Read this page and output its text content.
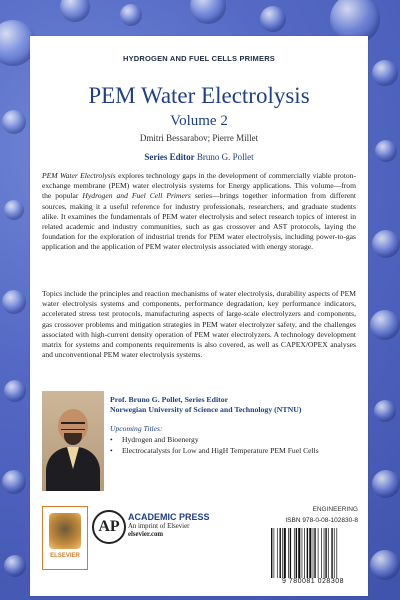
HYDROGEN AND FUEL CELLS PRIMERS
PEM Water Electrolysis
Volume 2
Dmitri Bessarabov; Pierre Millet
Series Editor Bruno G. Pollet

PEM Water Electrolysis explores technology gaps in the development of commercially viable proton-exchange membrane (PEM) water electrolysis systems for Energy applications. This volume—from the popular Hydrogen and Fuel Cell Primers series—brings together information from different sources, making it a useful reference for industry professionals, researchers, and graduate students alike. It examines the fundamentals of PEM water electrolysis and select research topics of interest in related academic and industry communities, such as gas crossover and AST protocols, laying the foundation for the exploration of industrial trends for PEM water electrolysis, including power-to-gas application and the application of PEM water electrolysis associated with energy storage.

Topics include the principles and reaction mechanisms of water electrolysis, durability aspects of PEM water electrolysis systems and components, performance degradation, key performance indicators, accelerated stress test protocols, manufacturing aspects of large-scale electrolyzers and components, gas crossover problems and mitigation strategies in PEM water electrolyzer safety, and the challenges associated with high-current density operation of PEM water electrolyzers. A technology development matrix for systems and components requirements is also covered, as well as CAPEX/OPEX analyses and unconventional PEM water electrolysis systems.

Prof. Bruno G. Pollet, Series Editor
Norwegian University of Science and Technology (NTNU)
Upcoming Titles:
• Hydrogen and Bioenergy
• Electrocatalysts for Low and HigH Temperature PEM Fuel Cells
ELSEVIER
AP
ACADEMIC PRESS
An imprint of Elsevier
elsevier.com
ENGINEERING
ISBN 978-0-08-102830-8
9 780081 028308
